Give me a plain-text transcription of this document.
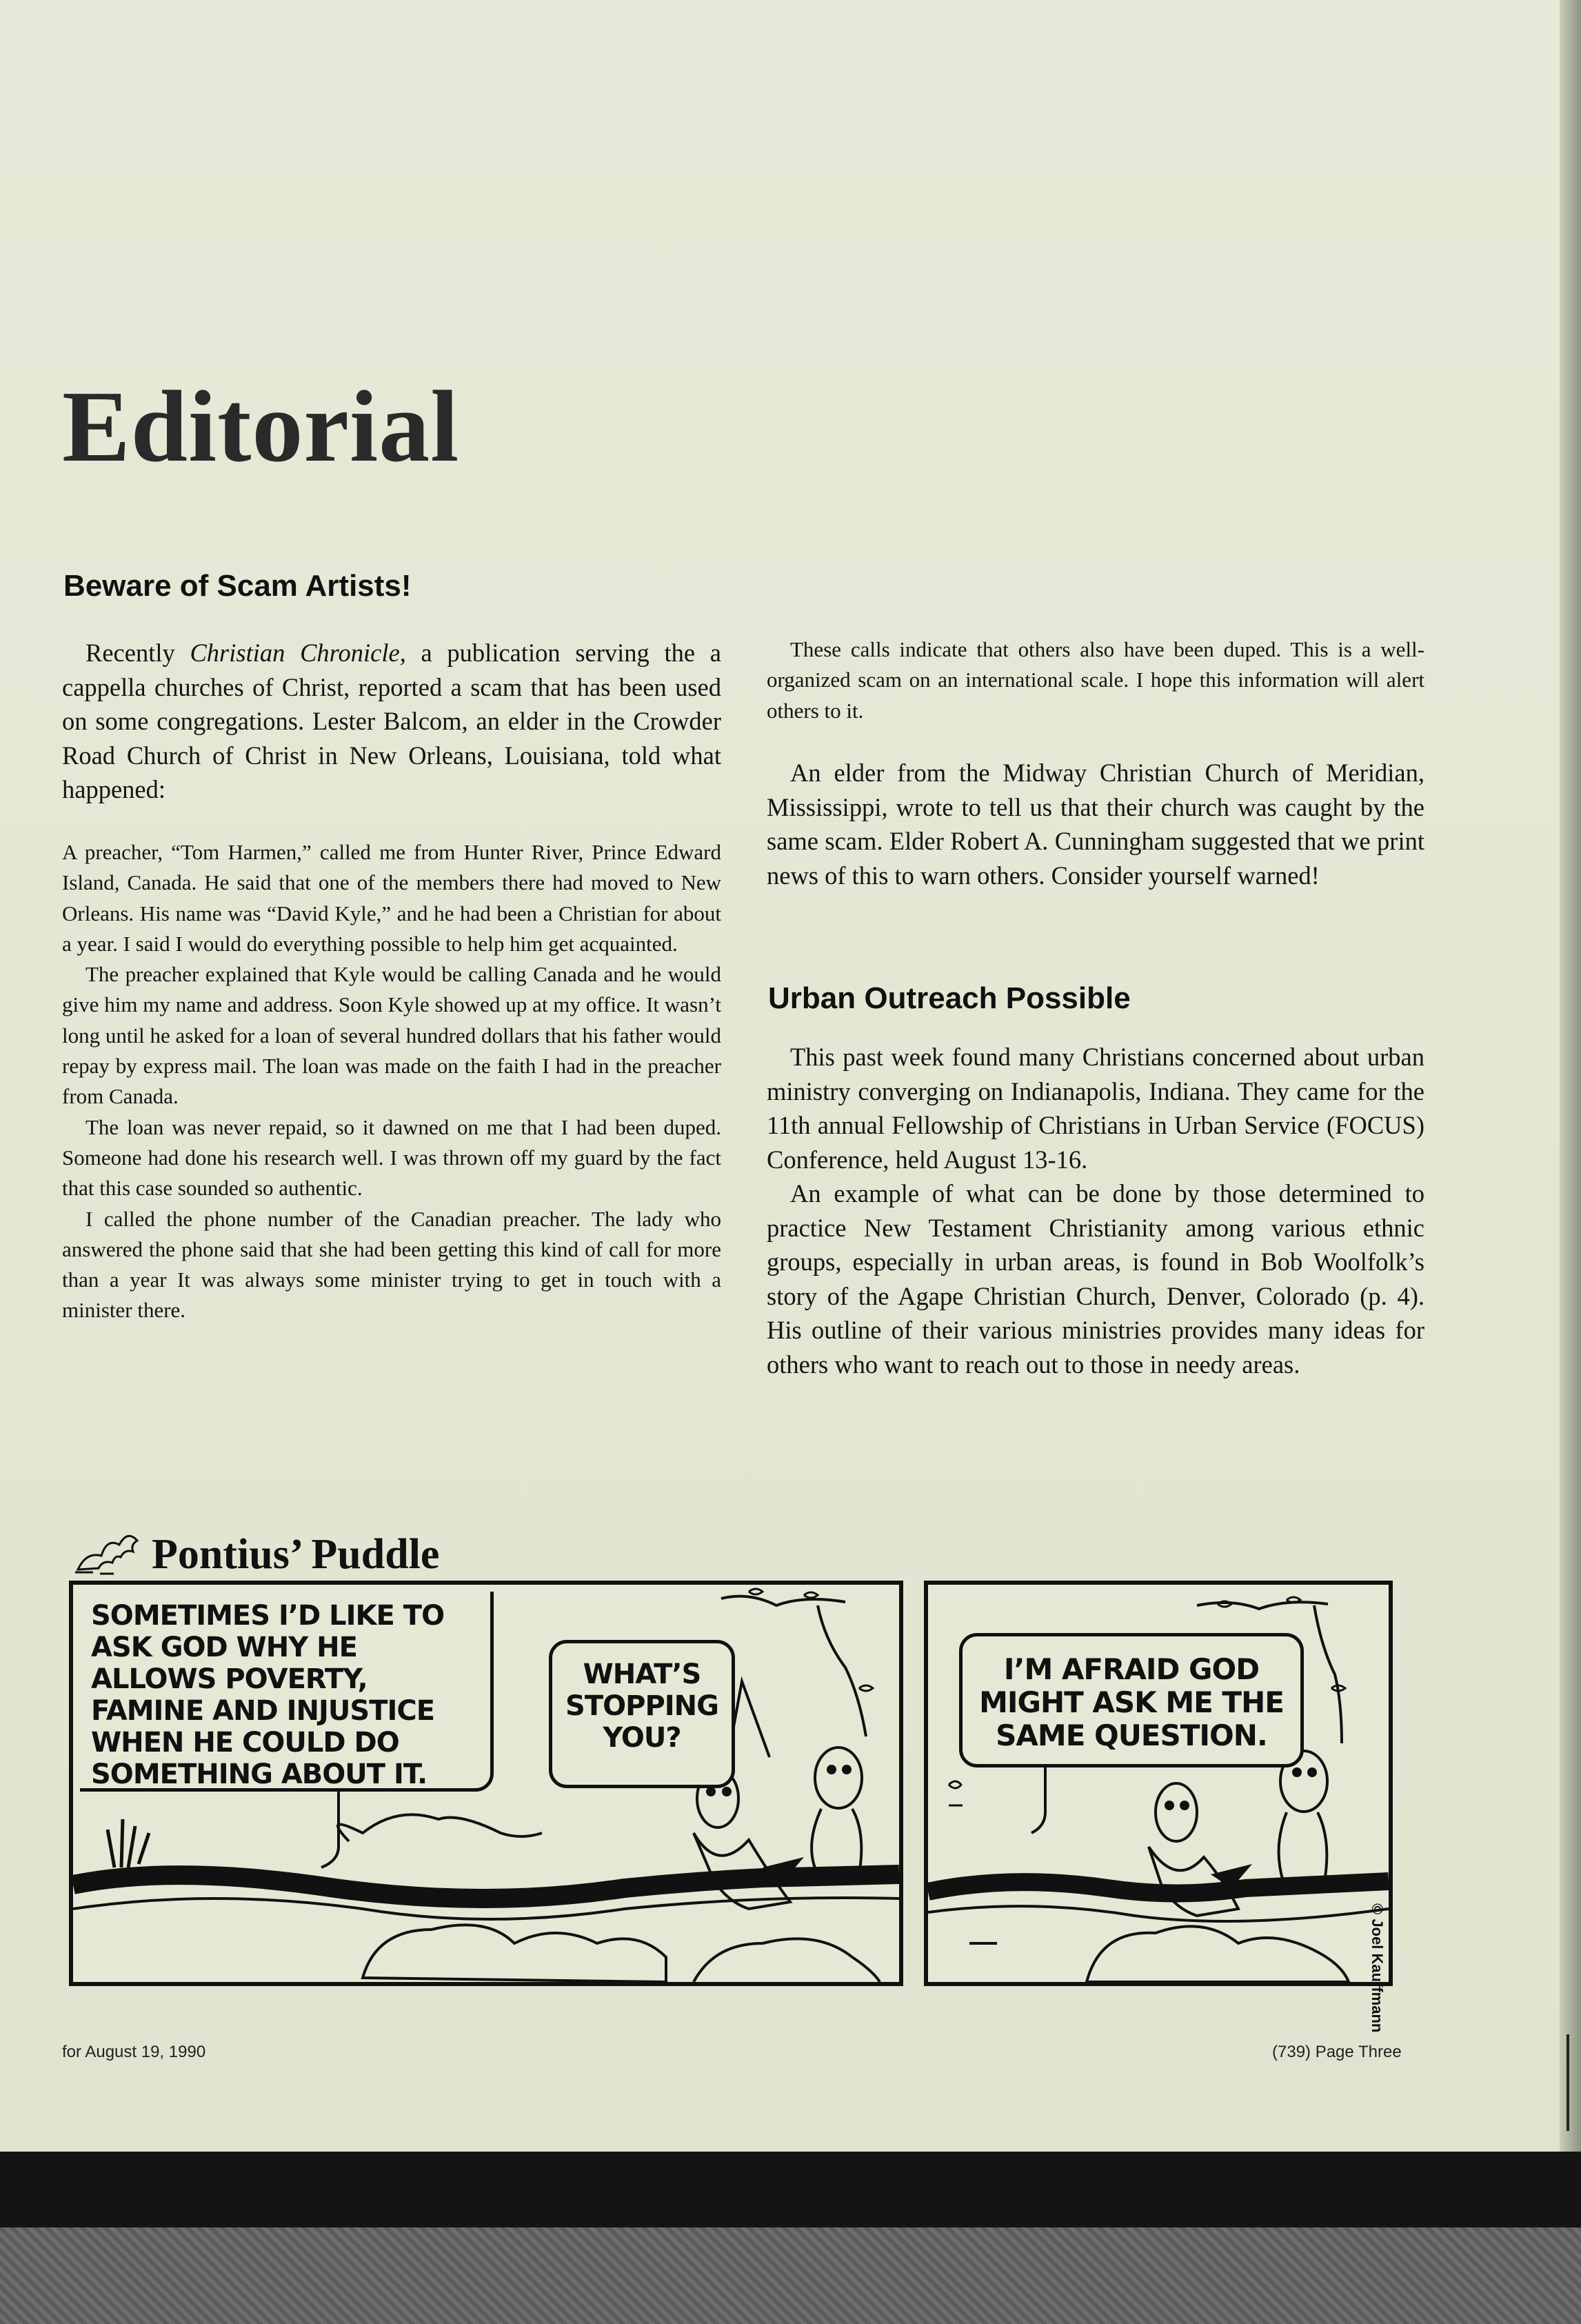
Editorial
Beware of Scam Artists!

Recently Christian Chronicle, a publication serving the a cappella churches of Christ, reported a scam that has been used on some congregations. Lester Balcom, an elder in the Crowder Road Church of Christ in New Orleans, Louisiana, told what happened:

A preacher, “Tom Harmen,” called me from Hunter River, Prince Edward Island, Canada. He said that one of the members there had moved to New Orleans. His name was “David Kyle,” and he had been a Christian for about a year. I said I would do everything possible to help him get acquainted.

The preacher explained that Kyle would be calling Canada and he would give him my name and address. Soon Kyle showed up at my office. It wasn’t long until he asked for a loan of several hundred dollars that his father would repay by express mail. The loan was made on the faith I had in the preacher from Canada.

The loan was never repaid, so it dawned on me that I had been duped. Someone had done his research well. I was thrown off my guard by the fact that this case sounded so authentic.

I called the phone number of the Canadian preacher. The lady who answered the phone said that she had been getting this kind of call for more than a year It was always some minister trying to get in touch with a minister there.

These calls indicate that others also have been duped. This is a well-organized scam on an international scale. I hope this information will alert others to it.

An elder from the Midway Christian Church of Meridian, Mississippi, wrote to tell us that their church was caught by the same scam. Elder Robert A. Cunningham suggested that we print news of this to warn others. Consider yourself warned!

Urban Outreach Possible

This past week found many Christians concerned about urban ministry converging on Indianapolis, Indiana. They came for the 11th annual Fellowship of Christians in Urban Service (FOCUS) Conference, held August 13-16.

An example of what can be done by those determined to practice New Testament Christianity among various ethnic groups, especially in urban areas, is found in Bob Woolfolk’s story of the Agape Christian Church, Denver, Colorado (p. 4). His outline of their various ministries provides many ideas for others who want to reach out to those in needy areas.

Pontius’ Puddle
SOMETIMES I’D LIKE TO ASK GOD WHY HE ALLOWS POVERTY, FAMINE AND INJUSTICE WHEN HE COULD DO SOMETHING ABOUT IT.
WHAT’S STOPPING YOU?
I’M AFRAID GOD MIGHT ASK ME THE SAME QUESTION.
© Joel Kauffmann
for August 19, 1990	(739) Page Three
